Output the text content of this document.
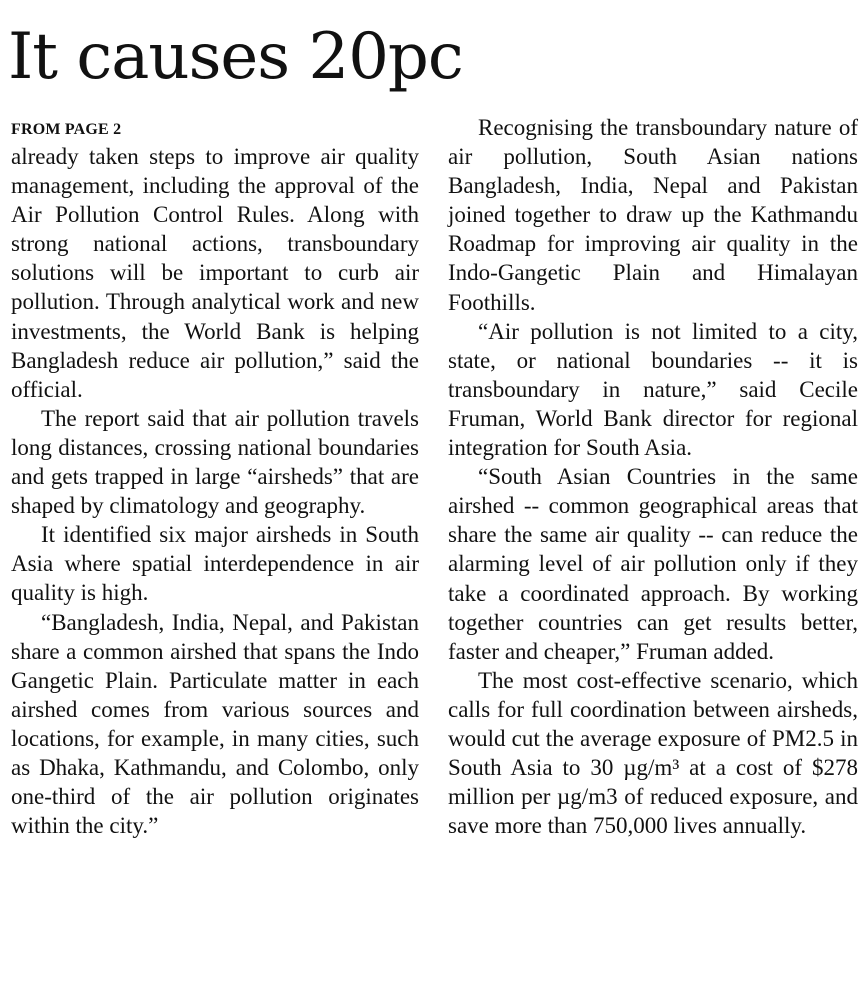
It causes 20pc
FROM PAGE 2

already taken steps to improve air quality management, including the approval of the Air Pollution Control Rules. Along with strong national actions, transboundary solutions will be important to curb air pollution. Through analytical work and new investments, the World Bank is helping Bangladesh reduce air pollution,” said the official.

The report said that air pollution travels long distances, crossing national boundaries and gets trapped in large “airsheds” that are shaped by climatology and geography.

It identified six major airsheds in South Asia where spatial interdependence in air quality is high.

“Bangladesh, India, Nepal, and Pakistan share a common airshed that spans the Indo Gangetic Plain. Particulate matter in each airshed comes from various sources and locations, for example, in many cities, such as Dhaka, Kathmandu, and Colombo, only one-third of the air pollution originates within the city.”

Recognising the transboundary nature of air pollution, South Asian nations Bangladesh, India, Nepal and Pakistan joined together to draw up the Kathmandu Roadmap for improving air quality in the Indo-Gangetic Plain and Himalayan Foothills.

“Air pollution is not limited to a city, state, or national boundaries -- it is transboundary in nature,” said Cecile Fruman, World Bank director for regional integration for South Asia.

“South Asian Countries in the same airshed -- common geographical areas that share the same air quality -- can reduce the alarming level of air pollution only if they take a coordinated approach. By working together countries can get results better, faster and cheaper,” Fruman added.

The most cost-effective scenario, which calls for full coordination between airsheds, would cut the average exposure of PM2.5 in South Asia to 30 µg/m³ at a cost of $278 million per µg/m3 of reduced exposure, and save more than 750,000 lives annually.
